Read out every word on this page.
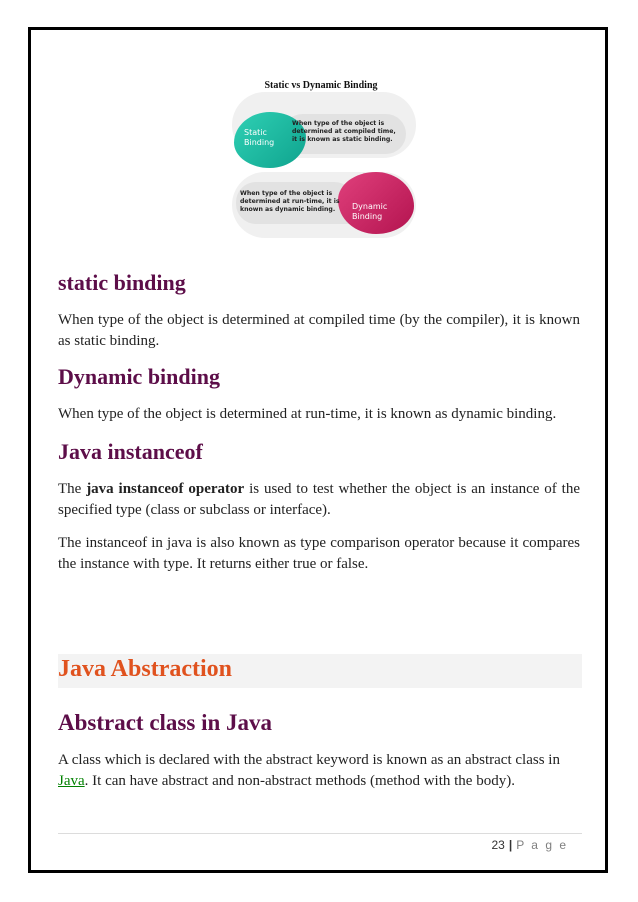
Static vs Dynamic Binding
Static
Binding
Dynamic
Binding
When type of the object is
determined at compiled time,
it is known as static binding.
When type of the object is
determined at run-time, it is
known as dynamic binding.
static binding

When type of the object is determined at compiled time (by the compiler), it is known as static binding.

Dynamic binding

When type of the object is determined at run-time, it is known as dynamic binding.

Java instanceof

The java instanceof operator is used to test whether the object is an instance of the specified type (class or subclass or interface).

The instanceof in java is also known as type comparison operator because it compares the instance with type. It returns either true or false.

Java Abstraction
Abstract class in Java

A class which is declared with the abstract keyword is known as an abstract class in Java. It can have abstract and non-abstract methods (method with the body).

23 | P a g e
